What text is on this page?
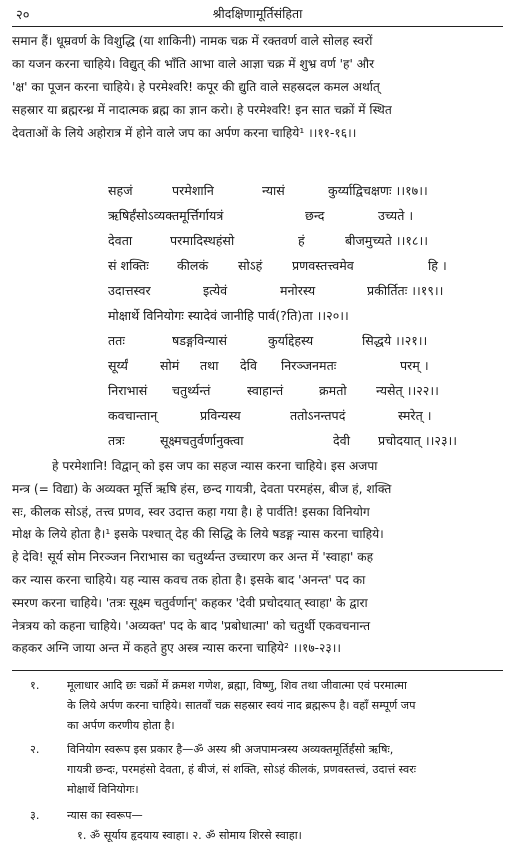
२०	श्रीदक्षिणामूर्तिसंहिता
समान हैं। धूम्रवर्ण के विशुद्धि (या शाकिनी) नामक चक्र में रक्तवर्ण वाले सोलह स्वरों
का यजन करना चाहिये। विद्युत् की भाँति आभा वाले आज्ञा चक्र में शुभ्र वर्ण 'ह' और
'क्ष' का पूजन करना चाहिये। हे परमेश्वरि! कपूर की द्युति वाले सहस्रदल कमल अर्थात्
सहस्रार या ब्रह्मरन्ध्र में नादात्मक ब्रह्म का ज्ञान करो। हे परमेश्वरि! इन सात चक्रों में स्थित
देवताओं के लिये अहोरात्र में होने वाले जप का अर्पण करना चाहिये¹ ।।११-१६।।
सहजं	परमेशानि	न्यासं	कुर्य्याद्विचक्षणः ।।१७।।
ऋषिर्हंसोऽव्यक्तमूर्त्तिर्गायत्रं	छन्द	उच्यते ।
देवता	परमादिस्थहंसो	हं	बीजमुच्यते ।।१८।।
सं शक्तिः कीलकं सोऽहं प्रणवस्तत्त्वमेव	हि ।
उदात्तस्वर	इत्येवं	मनोरस्य	प्रकीर्तितः ।।१९।।
मोक्षार्थे विनियोगः स्यादेवं जानीहि पार्व(?ति)ता ।।२०।।
ततः	षडङ्गविन्यासं	कुर्याद्देहस्य	सिद्धये ।।२१।।
सूर्य्यं	सोमं तथा देवि निरञ्जनमतः	परम् ।
निराभासं चतुर्थ्यन्तं	स्वाहान्तं	क्रमतो न्यसेत् ।।२२।।
कवचान्तान्	प्रविन्यस्य	ततोऽनन्तपदं	स्मरेत् ।
तत्रः	सूक्ष्मचतुर्वर्णानुक्त्वा	देवी प्रचोदयात् ।।२३।।
हे परमेशानि! विद्वान् को इस जप का सहज न्यास करना चाहिये। इस अजपा
मन्त्र (= विद्या) के अव्यक्त मूर्त्ति ऋषि हंस, छन्द गायत्री, देवता परमहंस, बीज हं, शक्ति
सः, कीलक सोऽहं, तत्त्व प्रणव, स्वर उदात्त कहा गया है। हे पार्वति! इसका विनियोग
मोक्ष के लिये होता है।¹ इसके पश्चात् देह की सिद्धि के लिये षडङ्ग न्यास करना चाहिये।
हे देवि! सूर्य सोम निरञ्जन निराभास का चतुर्थ्यन्त उच्चारण कर अन्त में 'स्वाहा' कह
कर न्यास करना चाहिये। यह न्यास कवच तक होता है। इसके बाद 'अनन्त' पद का
स्मरण करना चाहिये। 'तत्रः सूक्ष्म चतुर्वर्णान्' कहकर 'देवी प्रचोदयात् स्वाहा' के द्वारा
नेत्रत्रय को कहना चाहिये। 'अव्यक्त' पद के बाद 'प्रबोधात्मा' को चतुर्थी एकवचनान्त
कहकर अग्नि जाया अन्त में कहते हुए अस्त्र न्यास करना चाहिये² ।।१७-२३।।
१. मूलाधार आदि छः चक्रों में क्रमश गणेश, ब्रह्मा, विष्णु, शिव तथा जीवात्मा एवं परमात्मा
के लिये अर्पण करना चाहिये। सातवाँ चक्र सहस्रार स्वयं नाद ब्रह्मरूप है। वहाँ सम्पूर्ण जप
का अर्पण करणीय होता है।
२. विनियोग स्वरूप इस प्रकार है—ॐ अस्य श्री अजपामन्त्रस्य अव्यक्तमूर्तिर्हंसो ऋषिः,
गायत्री छन्दः, परमहंसो देवता, हं बीजं, सं शक्ति, सोऽहं कीलकं, प्रणवस्तत्त्वं, उदात्तं स्वरः
मोक्षार्थे विनियोगः।
३. न्यास का स्वरूप—
१. ॐ सूर्याय हृदयाय स्वाहा। २. ॐ सोमाय शिरसे स्वाहा।
